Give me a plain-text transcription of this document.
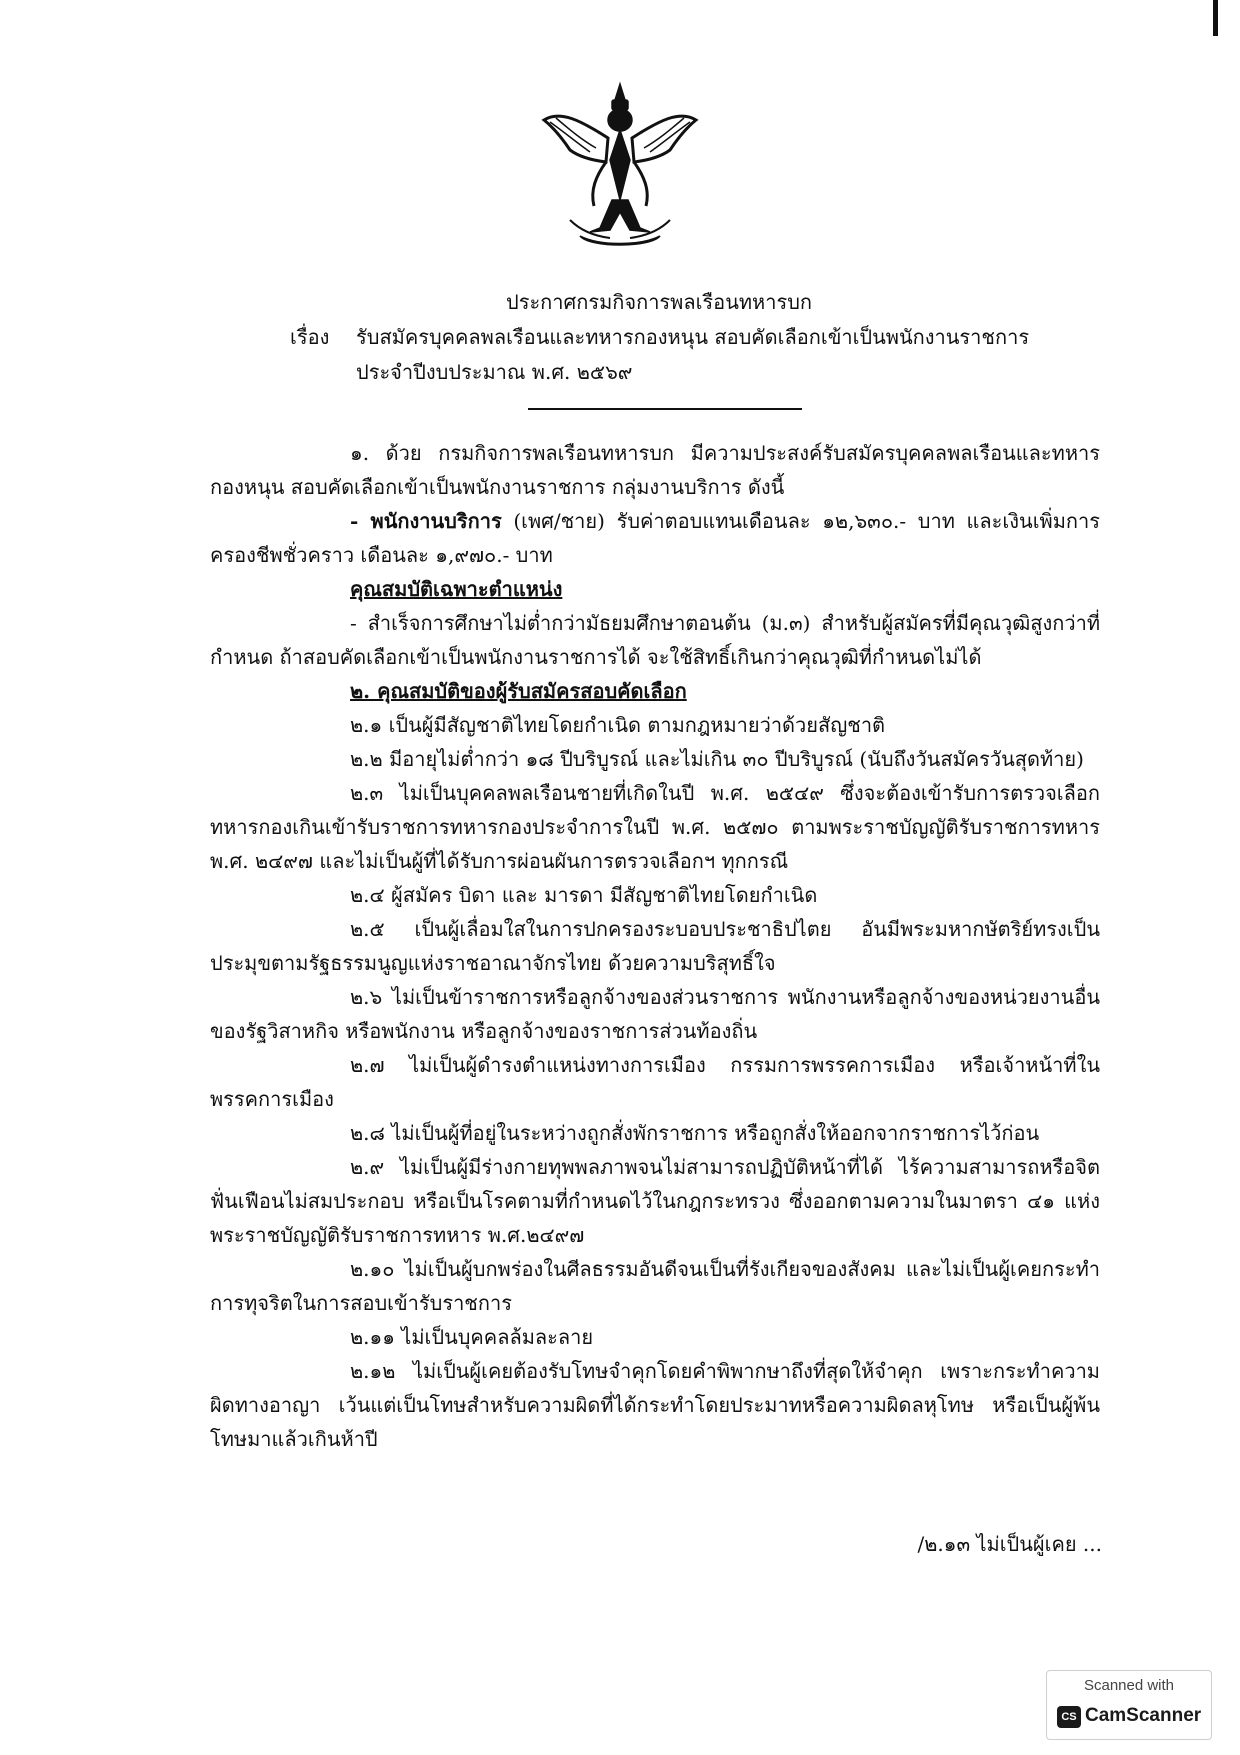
ประกาศกรมกิจการพลเรือนทหารบก
เรื่อง รับสมัครบุคคลพลเรือนและทหารกองหนุน สอบคัดเลือกเข้าเป็นพนักงานราชการ
ประจำปีงบประมาณ พ.ศ. ๒๕๖๙

๑. ด้วย กรมกิจการพลเรือนทหารบก มีความประสงค์รับสมัครบุคคลพลเรือนและทหารกองหนุน สอบคัดเลือกเข้าเป็นพนักงานราชการ กลุ่มงานบริการ ดังนี้

- พนักงานบริการ (เพศ/ชาย) รับค่าตอบแทนเดือนละ ๑๒,๖๓๐.- บาท และเงินเพิ่มการครองชีพชั่วคราว เดือนละ ๑,๙๗๐.- บาท

คุณสมบัติเฉพาะตำแหน่ง

- สำเร็จการศึกษาไม่ต่ำกว่ามัธยมศึกษาตอนต้น (ม.๓) สำหรับผู้สมัครที่มีคุณวุฒิสูงกว่าที่กำหนด ถ้าสอบคัดเลือกเข้าเป็นพนักงานราชการได้ จะใช้สิทธิ์เกินกว่าคุณวุฒิที่กำหนดไม่ได้

๒. คุณสมบัติของผู้รับสมัครสอบคัดเลือก

๒.๑ เป็นผู้มีสัญชาติไทยโดยกำเนิด ตามกฎหมายว่าด้วยสัญชาติ

๒.๒ มีอายุไม่ต่ำกว่า ๑๘ ปีบริบูรณ์ และไม่เกิน ๓๐ ปีบริบูรณ์ (นับถึงวันสมัครวันสุดท้าย)

๒.๓ ไม่เป็นบุคคลพลเรือนชายที่เกิดในปี พ.ศ. ๒๕๔๙ ซึ่งจะต้องเข้ารับการตรวจเลือกทหารกองเกินเข้ารับราชการทหารกองประจำการในปี พ.ศ. ๒๕๗๐ ตามพระราชบัญญัติรับราชการทหาร พ.ศ. ๒๔๙๗ และไม่เป็นผู้ที่ได้รับการผ่อนผันการตรวจเลือกฯ ทุกกรณี

๒.๔ ผู้สมัคร บิดา และ มารดา มีสัญชาติไทยโดยกำเนิด

๒.๕ เป็นผู้เลื่อมใสในการปกครองระบอบประชาธิปไตย อันมีพระมหากษัตริย์ทรงเป็นประมุขตามรัฐธรรมนูญแห่งราชอาณาจักรไทย ด้วยความบริสุทธิ์ใจ

๒.๖ ไม่เป็นข้าราชการหรือลูกจ้างของส่วนราชการ พนักงานหรือลูกจ้างของหน่วยงานอื่นของรัฐวิสาหกิจ หรือพนักงาน หรือลูกจ้างของราชการส่วนท้องถิ่น

๒.๗ ไม่เป็นผู้ดำรงตำแหน่งทางการเมือง กรรมการพรรคการเมือง หรือเจ้าหน้าที่ในพรรคการเมือง

๒.๘ ไม่เป็นผู้ที่อยู่ในระหว่างถูกสั่งพักราชการ หรือถูกสั่งให้ออกจากราชการไว้ก่อน

๒.๙ ไม่เป็นผู้มีร่างกายทุพพลภาพจนไม่สามารถปฏิบัติหน้าที่ได้ ไร้ความสามารถหรือจิตฟั่นเฟือนไม่สมประกอบ หรือเป็นโรคตามที่กำหนดไว้ในกฎกระทรวง ซึ่งออกตามความในมาตรา ๔๑ แห่งพระราชบัญญัติรับราชการทหาร พ.ศ.๒๔๙๗

๒.๑๐ ไม่เป็นผู้บกพร่องในศีลธรรมอันดีจนเป็นที่รังเกียจของสังคม และไม่เป็นผู้เคยกระทำการทุจริตในการสอบเข้ารับราชการ

๒.๑๑ ไม่เป็นบุคคลล้มละลาย

๒.๑๒ ไม่เป็นผู้เคยต้องรับโทษจำคุกโดยคำพิพากษาถึงที่สุดให้จำคุก เพราะกระทำความผิดทางอาญา เว้นแต่เป็นโทษสำหรับความผิดที่ได้กระทำโดยประมาทหรือความผิดลหุโทษ หรือเป็นผู้พ้นโทษมาแล้วเกินห้าปี

/๒.๑๓ ไม่เป็นผู้เคย ...
Scanned with
CS CamScanner
